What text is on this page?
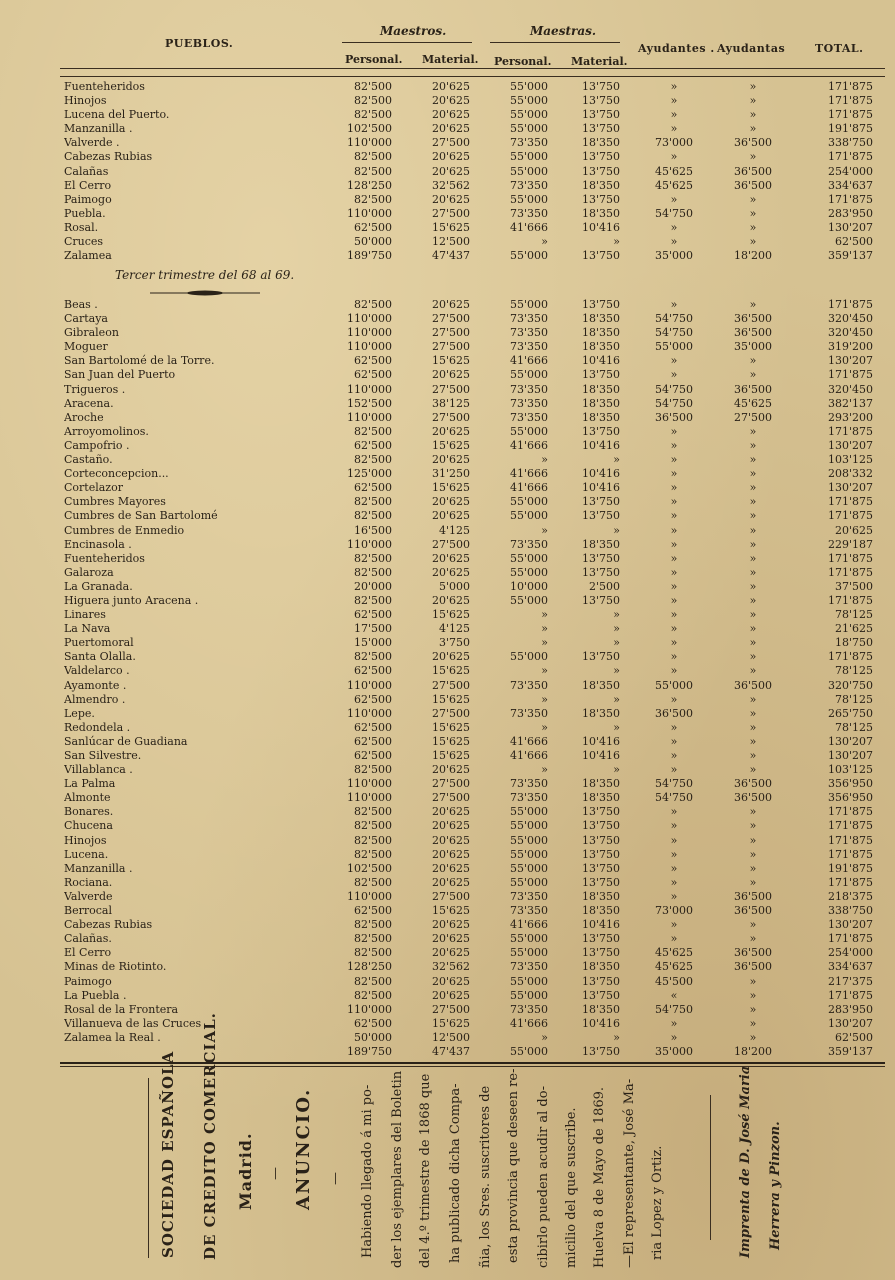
PUEBLOS.
Maestros.	Maestras.
Personal. Material. Personal. Material.
Ayudantes . Ayudantas	TOTAL.
Fuenteheridos	82'500	20'625	55'000	13'750	»	»	171'875
Hinojos	82'500	20'625	55'000	13'750	»	»	171'875
Lucena del Puerto.	82'500	20'625	55'000	13'750	»	»	171'875
Manzanilla .	102'500	20'625	55'000	13'750	»	»	191'875
Valverde .	110'000	27'500	73'350	18'350	73'000	36'500	338'750
Cabezas Rubias	82'500	20'625	55'000	13'750	»	»	171'875
Calañas	82'500	20'625	55'000	13'750	45'625	36'500	254'000
El Cerro	128'250	32'562	73'350	18'350	45'625	36'500	334'637
Paimogo	82'500	20'625	55'000	13'750	»	»	171'875
Puebla.	110'000	27'500	73'350	18'350	54'750	»	283'950
Rosal.	62'500	15'625	41'666	10'416	»	»	130'207
Cruces	50'000	12'500	»	»	»	»	62'500
Zalamea	189'750	47'437	55'000	13'750	35'000	18'200	359'137
Tercer trimestre del 68 al 69.
Beas .	82'500	20'625	55'000	13'750	»	»	171'875
Cartaya	110'000	27'500	73'350	18'350	54'750	36'500	320'450
Gibraleon	110'000	27'500	73'350	18'350	54'750	36'500	320'450
Moguer	110'000	27'500	73'350	18'350	55'000	35'000	319'200
San Bartolomé de la Torre.	62'500	15'625	41'666	10'416	»	»	130'207
San Juan del Puerto	62'500	20'625	55'000	13'750	»	»	171'875
Trigueros .	110'000	27'500	73'350	18'350	54'750	36'500	320'450
Aracena.	152'500	38'125	73'350	18'350	54'750	45'625	382'137
Aroche	110'000	27'500	73'350	18'350	36'500	27'500	293'200
Arroyomolinos.	82'500	20'625	55'000	13'750	»	»	171'875
Campofrio .	62'500	15'625	41'666	10'416	»	»	130'207
Castaño.	82'500	20'625	»	»	»	»	103'125
Corteconcepcion...	125'000	31'250	41'666	10'416	»	»	208'332
Cortelazor	62'500	15'625	41'666	10'416	»	»	130'207
Cumbres Mayores	82'500	20'625	55'000	13'750	»	»	171'875
Cumbres de San Bartolomé	82'500	20'625	55'000	13'750	»	»	171'875
Cumbres de Enmedio	16'500	4'125	»	»	»	»	20'625
Encinasola .	110'000	27'500	73'350	18'350	»	»	229'187
Fuenteheridos	82'500	20'625	55'000	13'750	»	»	171'875
Galaroza	82'500	20'625	55'000	13'750	»	»	171'875
La Granada.	20'000	5'000	10'000	2'500	»	»	37'500
Higuera junto Aracena .	82'500	20'625	55'000	13'750	»	»	171'875
Linares	62'500	15'625	»	»	»	»	78'125
La Nava	17'500	4'125	»	»	»	»	21'625
Puertomoral	15'000	3'750	»	»	»	»	18'750
Santa Olalla.	82'500	20'625	55'000	13'750	»	»	171'875
Valdelarco .	62'500	15'625	»	»	»	»	78'125
Ayamonte .	110'000	27'500	73'350	18'350	55'000	36'500	320'750
Almendro .	62'500	15'625	»	»	»	»	78'125
Lepe.	110'000	27'500	73'350	18'350	36'500	»	265'750
Redondela .	62'500	15'625	»	»	»	»	78'125
Sanlúcar de Guadiana	62'500	15'625	41'666	10'416	»	»	130'207
San Silvestre.	62'500	15'625	41'666	10'416	»	»	130'207
Villablanca .	82'500	20'625	»	»	»	»	103'125
La Palma	110'000	27'500	73'350	18'350	54'750	36'500	356'950
Almonte	110'000	27'500	73'350	18'350	54'750	36'500	356'950
Bonares.	82'500	20'625	55'000	13'750	»	»	171'875
Chucena	82'500	20'625	55'000	13'750	»	»	171'875
Hinojos	82'500	20'625	55'000	13'750	»	»	171'875
Lucena.	82'500	20'625	55'000	13'750	»	»	171'875
Manzanilla .	102'500	20'625	55'000	13'750	»	»	191'875
Rociana.	82'500	20'625	55'000	13'750	»	»	171'875
Valverde	110'000	27'500	73'350	18'350	»	36'500	218'375
Berrocal	62'500	15'625	73'350	18'350	73'000	36'500	338'750
Cabezas Rubias	82'500	20'625	41'666	10'416	»	»	130'207
Calañas.	82'500	20'625	55'000	13'750	»	»	171'875
El Cerro	82'500	20'625	55'000	13'750	45'625	36'500	254'000
Minas de Riotinto.	128'250	32'562	73'350	18'350	45'625	36'500	334'637
Paimogo	82'500	20'625	55'000	13'750	45'500	»	217'375
La Puebla .	82'500	20'625	55'000	13'750	«	»	171'875
Rosal de la Frontera	110'000	27'500	73'350	18'350	54'750	»	283'950
Villanueva de las Cruces	62'500	15'625	41'666	10'416	»	»	130'207
Zalamea la Real .	50'000	12'500	»	»	»	»	62'500
	189'750	47'437	55'000	13'750	35'000	18'200	359'137
SOCIEDAD ESPAÑOLA DE CREDITO COMERCIAL. Madrid. — ANUNCIO. — Habiendo llegado á mi po- der los ejemplares del Boletin del 4.º trimestre de 1868 que ha publicado dicha Compa- ñia, los Sres. suscritores de esta provincia que deseen re- cibirlo pueden acudir al do- micilio del que suscribe. Huelva 8 de Mayo de 1869. —El representante, José Ma- ria Lopez y Ortiz.	Imprenta de D. José Maria Herrera y Pinzon.
